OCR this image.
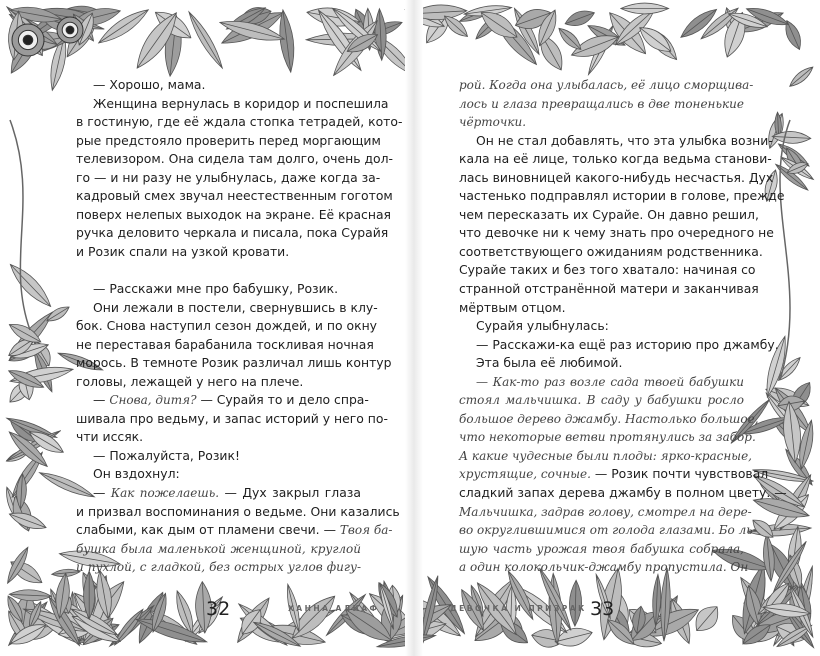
— Хорошо, мама.
Женщина вернулась в коридор и поспешила
в гостиную, где её ждала стопка тетрадей, кото-
рые предстояло проверить перед моргающим
телевизором. Она сидела там долго, очень дол-
го — и ни разу не улыбнулась, даже когда за-
кадровый смех звучал неестественным гоготом
поверх нелепых выходок на экране. Её красная
ручка деловито черкала и писала, пока Сурайя
и Розик спали на узкой кровати.
— Расскажи мне про бабушку, Розик.
Они лежали в постели, свернувшись в клу-
бок. Снова наступил сезон дождей, и по окну
не переставая барабанила тоскливая ночная
морось. В темноте Розик различал лишь контур
головы, лежащей у него на плече.
— Снова, дитя? — Сурайя то и дело спра-
шивала про ведьму, и запас историй у него по-
чти иссяк.
— Пожалуйста, Розик!
Он вздохнул:
— Как пожелаешь. — Дух закрыл глаза
и призвал воспоминания о ведьме. Они казались
слабыми, как дым от пламени свечи. — Твоя ба-
бушка была маленькой женщиной, круглой
и пухлой, с гладкой, без острых углов фигу-
рой. Когда она улыбалась, её лицо сморщива-
лось и глаза превращались в две тоненькие
чёрточки.
Он не стал добавлять, что эта улыбка возни-
кала на её лице, только когда ведьма станови-
лась виновницей какого-нибудь несчастья. Дух
частенько подправлял истории в голове, прежде
чем пересказать их Сурайе. Он давно решил,
что девочке ни к чему знать про очередного не
соответствующего ожиданиям родственника.
Сурайе таких и без того хватало: начиная со
странной отстранённой матери и заканчивая
мёртвым отцом.
Сурайя улыбнулась:
— Расскажи-ка ещё раз историю про джамбу.
Эта была её любимой.
— Как-то раз возле сада твоей бабушки
стоял мальчишка. В саду у бабушки росло
большое дерево джамбу. Настолько большое,
что некоторые ветви протянулись за забор.
А какие чудесные были плоды: ярко-красные,
хрустящие, сочные. — Розик почти чувствовал
сладкий запах дерева джамбу в полном цвету. —
Мальчишка, задрав голову, смотрел на дере-
во округлившимися от голода глазами. Бо ль-
шую часть урожая твоя бабушка собрала,
а один колокольчик-джамбу пропустила. Он
32	ХАННА АЛКАФ	ДЕВОЧКА И ПРИЗРАК 33
